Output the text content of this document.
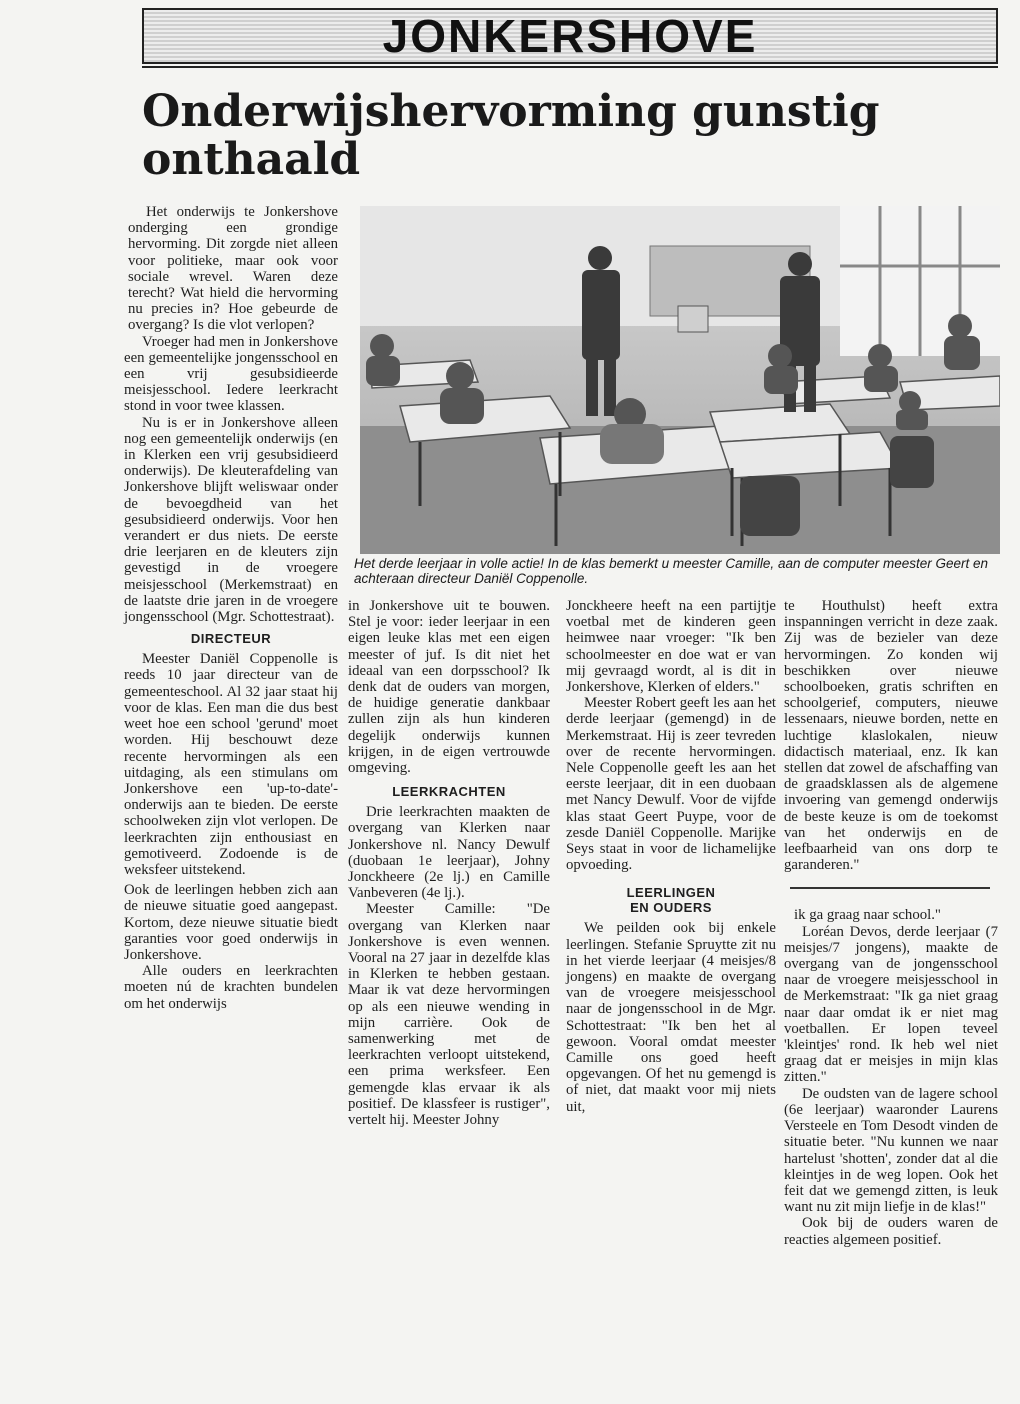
JONKERSHOVE
Onderwijshervorming gunstig onthaald

Het onderwijs te Jonkershove onderging een grondige hervorming. Dit zorgde niet alleen voor politieke, maar ook voor sociale wrevel. Waren deze terecht? Wat hield die hervorming nu precies in? Hoe gebeurde de overgang? Is die vlot verlopen?

Vroeger had men in Jonkershove een gemeentelijke jongensschool en een vrij gesubsidieerde meisjesschool. Iedere leerkracht stond in voor twee klassen.

Nu is er in Jonkershove alleen nog een gemeentelijk onderwijs (en in Klerken een vrij gesubsidieerd onderwijs). De kleuterafdeling van Jonkershove blijft weliswaar onder de bevoegdheid van het gesubsidieerd onderwijs. Voor hen verandert er dus niets. De eerste drie leerjaren en de kleuters zijn gevestigd in de vroegere meisjesschool (Merkemstraat) en de laatste drie jaren in de vroegere jongensschool (Mgr. Schottestraat).

DIRECTEUR

Meester Daniël Coppenolle is reeds 10 jaar directeur van de gemeenteschool. Al 32 jaar staat hij voor de klas. Een man die dus best weet hoe een school 'gerund' moet worden. Hij beschouwt deze recente hervormingen als een uitdaging, als een stimulans om Jonkershove een 'up-to-date'-onderwijs aan te bieden. De eerste schoolweken zijn vlot verlopen. De leerkrachten zijn enthousiast en gemotiveerd. Zodoende is de weksfeer uitstekend.

Ook de leerlingen hebben zich aan de nieuwe situatie goed aangepast. Kortom, deze nieuwe situatie biedt garanties voor goed onderwijs in Jonkershove.

Alle ouders en leerkrachten moeten nú de krachten bundelen om het onderwijs

Het derde leerjaar in volle actie! In de klas bemerkt u meester Camille, aan de computer meester Geert en achteraan directeur Daniël Coppenolle.

in Jonkershove uit te bouwen. Stel je voor: ieder leerjaar in een eigen leuke klas met een eigen meester of juf. Is dit niet het ideaal van een dorpsschool? Ik denk dat de ouders van morgen, de huidige generatie dankbaar zullen zijn als hun kinderen degelijk onderwijs kunnen krijgen, in de eigen vertrouwde omgeving.

LEERKRACHTEN

Drie leerkrachten maakten de overgang van Klerken naar Jonkershove nl. Nancy Dewulf (duobaan 1e leerjaar), Johny Jonckheere (2e lj.) en Camille Vanbeveren (4e lj.).

Meester Camille: "De overgang van Klerken naar Jonkershove is even wennen. Vooral na 27 jaar in dezelfde klas in Klerken te hebben gestaan. Maar ik vat deze hervormingen op als een nieuwe wending in mijn carrière. Ook de samenwerking met de leerkrachten verloopt uitstekend, een prima werksfeer. Een gemengde klas ervaar ik als positief. De klassfeer is rustiger", vertelt hij. Meester Johny

Jonckheere heeft na een partijtje voetbal met de kinderen geen heimwee naar vroeger: "Ik ben schoolmeester en doe wat er van mij gevraagd wordt, al is dit in Jonkershove, Klerken of elders."

Meester Robert geeft les aan het derde leerjaar (gemengd) in de Merkemstraat. Hij is zeer tevreden over de recente hervormingen. Nele Coppenolle geeft les aan het eerste leerjaar, dit in een duobaan met Nancy Dewulf. Voor de vijfde klas staat Geert Puype, voor de zesde Daniël Coppenolle. Marijke Seys staat in voor de lichamelijke opvoeding.

LEERLINGEN EN OUDERS

We peilden ook bij enkele leerlingen. Stefanie Spruytte zit nu in het vierde leerjaar (4 meisjes/8 jongens) en maakte de overgang van de vroegere meisjesschool naar de jongensschool in de Mgr. Schottestraat: "Ik ben het al gewoon. Vooral omdat meester Camille ons goed heeft opgevangen. Of het nu gemengd is of niet, dat maakt voor mij niets uit,

te Houthulst) heeft extra inspanningen verricht in deze zaak. Zij was de bezieler van deze hervormingen. Zo konden wij beschikken over nieuwe schoolboeken, gratis schriften en schoolgerief, computers, nieuwe lessenaars, nieuwe borden, nette en luchtige klaslokalen, nieuw didactisch materiaal, enz. Ik kan stellen dat zowel de afschaffing van de graadsklassen als de algemene invoering van gemengd onderwijs de beste keuze is om de toekomst van het onderwijs en de leefbaarheid van ons dorp te garanderen."

ik ga graag naar school."

Loréan Devos, derde leerjaar (7 meisjes/7 jongens), maakte de overgang van de jongensschool naar de vroegere meisjesschool in de Merkemstraat: "Ik ga niet graag naar daar omdat ik er niet mag voetballen. Er lopen teveel 'kleintjes' rond. Ik heb wel niet graag dat er meisjes in mijn klas zitten."

De oudsten van de lagere school (6e leerjaar) waaronder Laurens Versteele en Tom Desodt vinden de situatie beter. "Nu kunnen we naar hartelust 'shotten', zonder dat al die kleintjes in de weg lopen. Ook het feit dat we gemengd zitten, is leuk want nu zit mijn liefje in de klas!"

Ook bij de ouders waren de reacties algemeen positief.
